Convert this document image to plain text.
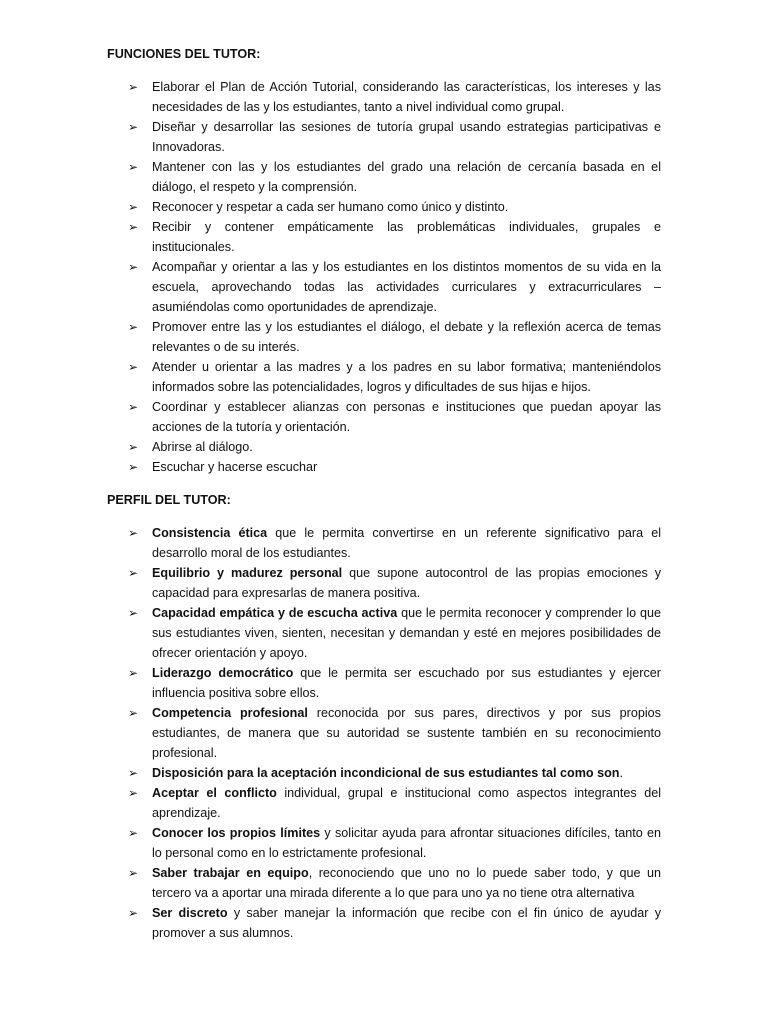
FUNCIONES DEL TUTOR:
➢ Elaborar el Plan de Acción Tutorial, considerando las características, los intereses y las necesidades de las y los estudiantes, tanto a nivel individual como grupal.
➢ Diseñar y desarrollar las sesiones de tutoría grupal usando estrategias participativas e Innovadoras.
➢ Mantener con las y los estudiantes del grado una relación de cercanía basada en el diálogo, el respeto y la comprensión.
➢ Reconocer y respetar a cada ser humano como único y distinto.
➢ Recibir y contener empáticamente las problemáticas individuales, grupales e institucionales.
➢ Acompañar y orientar a las y los estudiantes en los distintos momentos de su vida en la escuela, aprovechando todas las actividades curriculares y extracurriculares – asumiéndolas como oportunidades de aprendizaje.
➢ Promover entre las y los estudiantes el diálogo, el debate y la reflexión acerca de temas relevantes o de su interés.
➢ Atender u orientar a las madres y a los padres en su labor formativa; manteniéndolos informados sobre las potencialidades, logros y dificultades de sus hijas e hijos.
➢ Coordinar y establecer alianzas con personas e instituciones que puedan apoyar las acciones de la tutoría y orientación.
➢ Abrirse al diálogo.
➢ Escuchar y hacerse escuchar
PERFIL DEL TUTOR:
➢ Consistencia ética que le permita convertirse en un referente significativo para el desarrollo moral de los estudiantes.
➢ Equilibrio y madurez personal que supone autocontrol de las propias emociones y capacidad para expresarlas de manera positiva.
➢ Capacidad empática y de escucha activa que le permita reconocer y comprender lo que sus estudiantes viven, sienten, necesitan y demandan y esté en mejores posibilidades de ofrecer orientación y apoyo.
➢ Liderazgo democrático que le permita ser escuchado por sus estudiantes y ejercer influencia positiva sobre ellos.
➢ Competencia profesional reconocida por sus pares, directivos y por sus propios estudiantes, de manera que su autoridad se sustente también en su reconocimiento profesional.
➢ Disposición para la aceptación incondicional de sus estudiantes tal como son.
➢ Aceptar el conflicto individual, grupal e institucional como aspectos integrantes del aprendizaje.
➢ Conocer los propios límites y solicitar ayuda para afrontar situaciones difíciles, tanto en lo personal como en lo estrictamente profesional.
➢ Saber trabajar en equipo, reconociendo que uno no lo puede saber todo, y que un tercero va a aportar una mirada diferente a lo que para uno ya no tiene otra alternativa
➢ Ser discreto y saber manejar la información que recibe con el fin único de ayudar y promover a sus alumnos.
